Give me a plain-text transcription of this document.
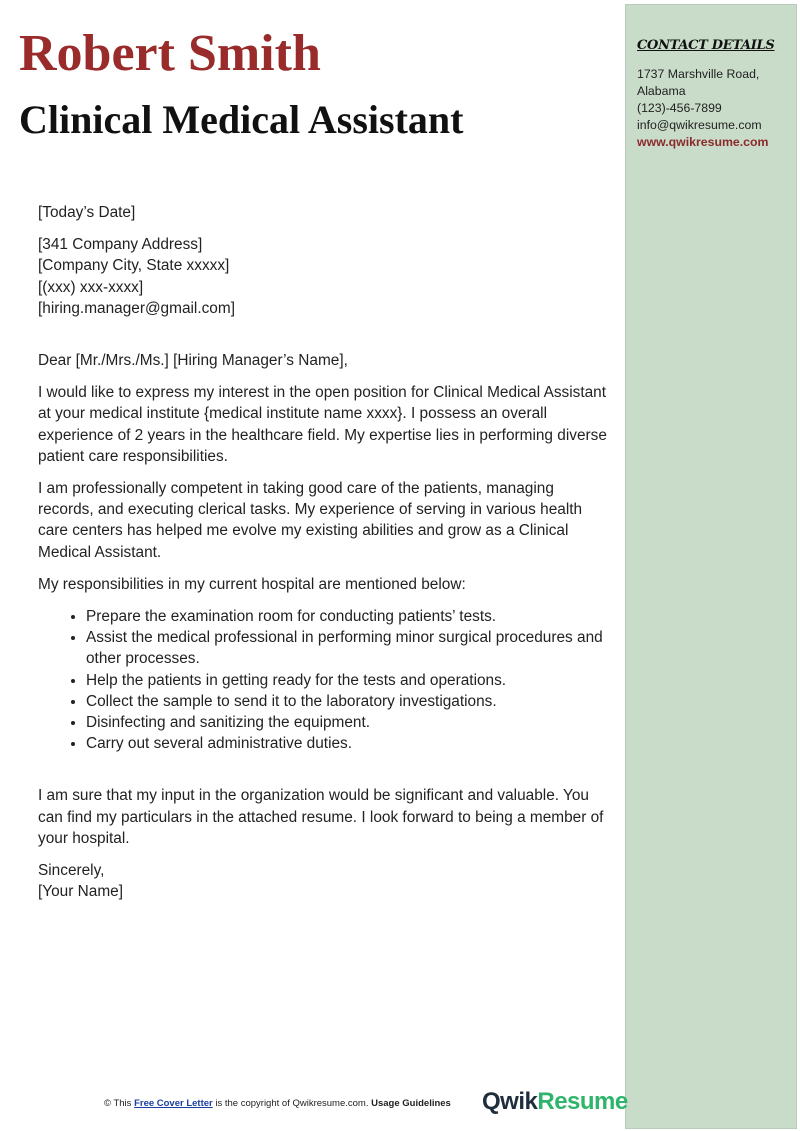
CONTACT DETAILS
1737 Marshville Road,
Alabama
(123)-456-7899
info@qwikresume.com
www.qwikresume.com
Robert Smith
Clinical Medical Assistant

[Today’s Date]

[341 Company Address]

[Company City, State xxxxx]

[(xxx) xxx-xxxx]

[hiring.manager@gmail.com]

Dear [Mr./Mrs./Ms.] [Hiring Manager’s Name],

I would like to express my interest in the open position for Clinical Medical Assistant at your medical institute {medical institute name xxxx}. I possess an overall experience of 2 years in the healthcare field. My expertise lies in performing diverse patient care responsibilities.

I am professionally competent in taking good care of the patients, managing records, and executing clerical tasks. My experience of serving in various health care centers has helped me evolve my existing abilities and grow as a Clinical Medical Assistant.

My responsibilities in my current hospital are mentioned below:

• Prepare the examination room for conducting patients’ tests.
• Assist the medical professional in performing minor surgical procedures and other processes.
• Help the patients in getting ready for the tests and operations.
• Collect the sample to send it to the laboratory investigations.
• Disinfecting and sanitizing the equipment.
• Carry out several administrative duties.

I am sure that my input in the organization would be significant and valuable. You can find my particulars in the attached resume. I look forward to being a member of your hospital.

Sincerely,

[Your Name]

© This Free Cover Letter is the copyright of Qwikresume.com. Usage Guidelines QwikResume
